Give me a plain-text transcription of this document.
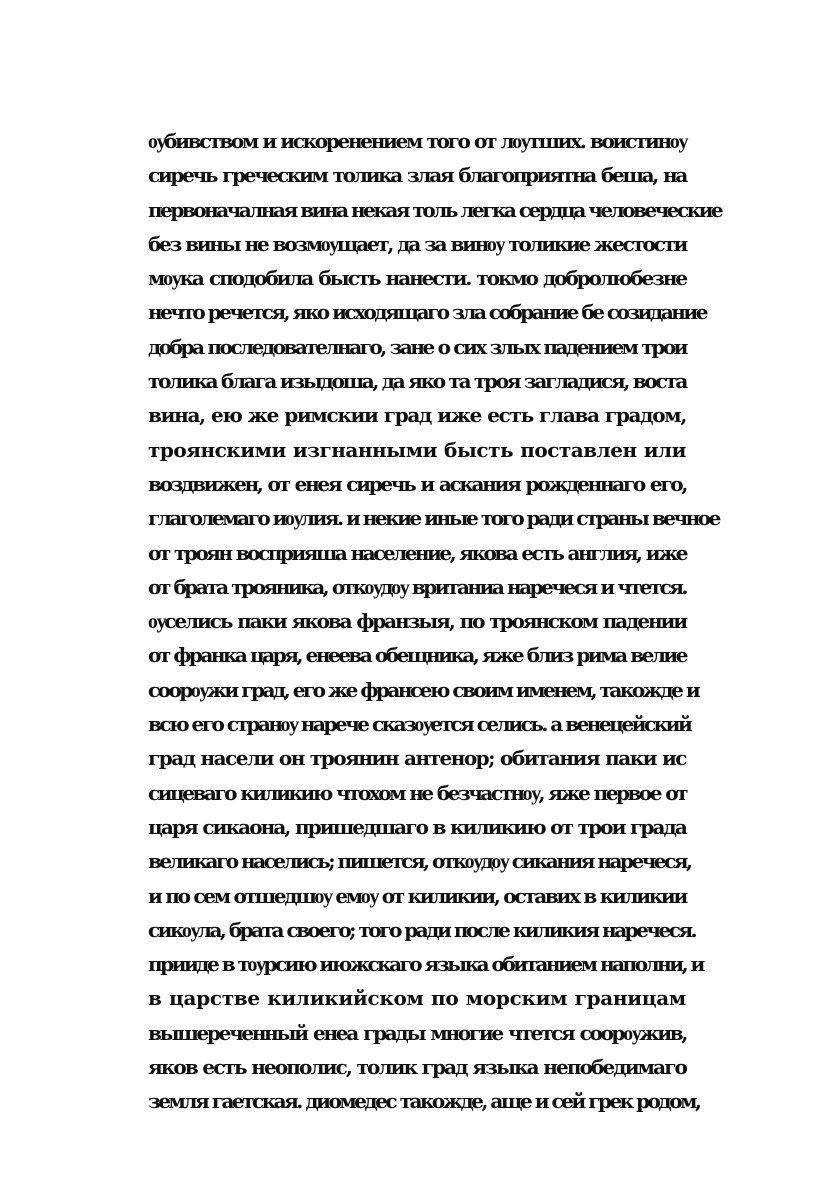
ѹбивством и искоренением того от лѹтших. воистинѹ
сиречь греческим толика злая благоприятна беша, на
первоначалная вина некая толь легка сердца человеческие
без вины не возмѹщает, да за винѹ толикие жестости
мѹка сподобила бысть нанести. токмо добролюбезне
нечто речется, яко исходящаго зла собрание бе созидание
добра последователнаго, зане о сих злых падением трои
толика блага изыдоша, да яко та троя загладися, воста
вина, ею же римскии град иже есть глава градом,
троянскими изгнанными бысть поставлен или
воздвижен, от енея сиречь и аскания рожденнаго его,
глаголемаго иѹлия. и некие иные того ради страны вечное
от троян восприяша население, якова есть англия, иже
от брата трояника, откѹдѹ вританиа наречеся и чтется.
ѹселись паки якова франзыя, по троянском падении
от франка царя, енеева обещника, яже близ рима велие
соорѹжи град, его же франсею своим именем, такожде и
всю его странѹ нарече сказѹется селись. а венецейский
град насели он троянин антенор; обитания паки ис
сицеваго киликию чтохом не безчастнѹ, яже первое от
царя сикаона, пришедшаго в киликию от трои града
великаго населись; пишется, откѹдѹ сикания наречеся,
и по сем отшедшѹ емѹ от киликии, оставих в киликии
сикѹла, брата своего; того ради после киликия наречеся.
прииде в тѹрсию июжскаго языка обитанием наполни, и
в царстве киликийском по морским границам
вышереченный енеа грады многие чтется соорѹжив,
яков есть неополис, толик град языка непобедимаго
земля гаетская. диомедес такожде, аще и сей грек родом,
